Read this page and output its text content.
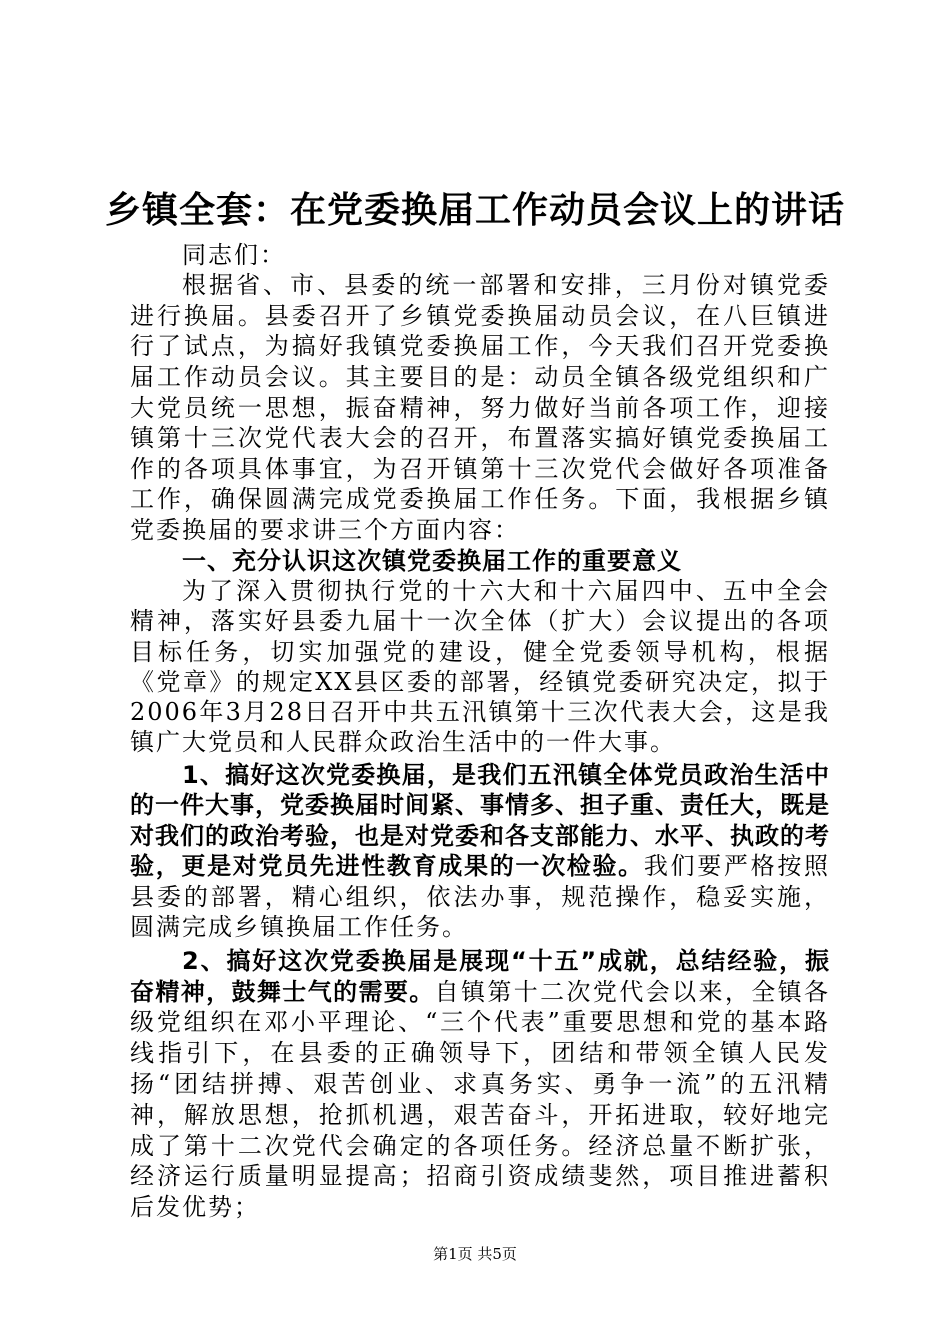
乡镇全套：在党委换届工作动员会议上的讲话

同志们：

根据省、市、县委的统一部署和安排，三月份对镇党委进行换届。县委召开了乡镇党委换届动员会议，在八巨镇进行了试点，为搞好我镇党委换届工作，今天我们召开党委换届工作动员会议。其主要目的是：动员全镇各级党组织和广大党员统一思想，振奋精神，努力做好当前各项工作，迎接镇第十三次党代表大会的召开，布置落实搞好镇党委换届工作的各项具体事宜，为召开镇第十三次党代会做好各项准备工作，确保圆满完成党委换届工作任务。下面，我根据乡镇党委换届的要求讲三个方面内容：

一、充分认识这次镇党委换届工作的重要意义

为了深入贯彻执行党的十六大和十六届四中、五中全会精神，落实好县委九届十一次全体（扩大）会议提出的各项目标任务，切实加强党的建设，健全党委领导机构，根据《党章》的规定XX县区委的部署，经镇党委研究决定，拟于2006年3月28日召开中共五汛镇第十三次代表大会，这是我镇广大党员和人民群众政治生活中的一件大事。

1、搞好这次党委换届，是我们五汛镇全体党员政治生活中的一件大事，党委换届时间紧、事情多、担子重、责任大，既是对我们的政治考验，也是对党委和各支部能力、水平、执政的考验，更是对党员先进性教育成果的一次检验。我们要严格按照县委的部署，精心组织，依法办事，规范操作，稳妥实施，圆满完成乡镇换届工作任务。

2、搞好这次党委换届是展现“十五”成就，总结经验，振奋精神，鼓舞士气的需要。自镇第十二次党代会以来，全镇各级党组织在邓小平理论、“三个代表”重要思想和党的基本路线指引下，在县委的正确领导下，团结和带领全镇人民发扬“团结拼搏、艰苦创业、求真务实、勇争一流”的五汛精神，解放思想，抢抓机遇，艰苦奋斗，开拓进取，较好地完成了第十二次党代会确定的各项任务。经济总量不断扩张，经济运行质量明显提高；招商引资成绩斐然，项目推进蓄积后发优势；

第1页 共5页
